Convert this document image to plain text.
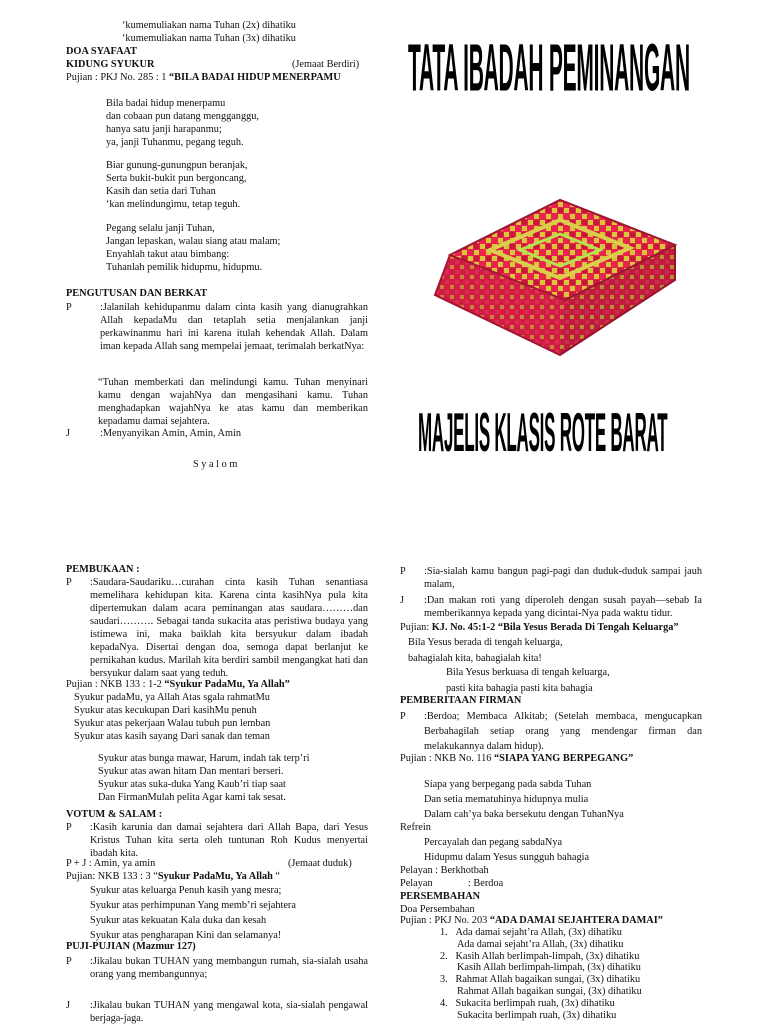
‘kumemuliakan nama Tuhan (2x) dihatiku
‘kumemuliakan nama Tuhan (3x) dihatiku
DOA SYAFAAT
KIDUNG SYUKUR	(Jemaat Berdiri)
Pujian : PKJ No. 285 : 1 “BILA BADAI HIDUP MENERPAMU
Bila badai hidup menerpamu
dan cobaan pun datang mengganggu,
hanya satu janji harapanmu;
ya, janji Tuhanmu, pegang teguh.
Biar gunung-gunungpun beranjak,
Serta bukit-bukit pun bergoncang,
Kasih dan setia dari Tuhan
‘kan melindungimu, tetap teguh.
Pegang selalu janji Tuhan,
Jangan lepaskan, walau siang atau malam;
Enyahlah takut atau bimbang:
Tuhanlah pemilik hidupmu, hidupmu.
PENGUTUSAN DAN BERKAT
P	:Jalanilah kehidupanmu dalam cinta kasih yang dianugrahkan Allah kepadaMu dan tetaplah setia menjalankan janji perkawinanmu hari ini karena itulah kehendak Allah. Dalam iman kepada Allah sang mempelai jemaat, terimalah berkatNya:
“Tuhan memberkati dan melindungi kamu. Tuhan menyinari kamu dengan wajahNya dan mengasihani kamu. Tuhan menghadapkan wajahNya ke atas kamu dan memberikan kepadamu damai sejahtera.
J	:Menyanyikan Amin, Amin, Amin
S y a l o m
TATA IBADAH PEMINANGAN
MAJELIS KLASIS ROTE BARAT
PEMBUKAAN :
P	:Saudara-Saudariku…curahan cinta kasih Tuhan senantiasa memelihara kehidupan kita. Karena cinta kasihNya pula kita dipertemukan dalam acara peminangan atas saudara………dan saudari………. Sebagai tanda sukacita atas peristiwa budaya yang istimewa ini, maka baiklah kita bersyukur dalam ibadah kepadaNya. Disertai dengan doa, semoga dapat berlanjut ke pernikahan kudus. Marilah kita berdiri sambil mengangkat hati dan bersyukur dalam saat yang teduh.
Pujian : NKB 133 : 1-2 “Syukur PadaMu, Ya Allah”
Syukur padaMu, ya Allah Atas sgala rahmatMu
Syukur atas kecukupan Dari kasihMu penuh
Syukur atas pekerjaan Walau tubuh pun lemban
Syukur atas kasih sayang Dari sanak dan teman
Syukur atas bunga mawar, Harum, indah tak terp’ri
Syukur atas awan hitam Dan mentari berseri.
Syukur atas suka-duka Yang Kaub’ri tiap saat
Dan FirmanMulah pelita Agar kami tak sesat.
VOTUM & SALAM :
P	:Kasih karunia dan damai sejahtera dari Allah Bapa, dari Yesus Kristus Tuhan kita serta oleh tuntunan Roh Kudus menyertai ibadah kita.
P + J : Amin, ya amin	(Jemaat duduk)
Pujian: NKB 133 : 3 “Syukur PadaMu, Ya Allah “
Syukur atas keluarga Penuh kasih yang mesra;
Syukur atas perhimpunan Yang memb’ri sejahtera
Syukur atas kekuatan Kala duka dan kesah
Syukur atas pengharapan Kini dan selamanya!
PUJI-PUJIAN (Mazmur 127)
P	:Jikalau bukan TUHAN yang membangun rumah, sia-sialah usaha orang yang membangunnya;
J	:Jikalau bukan TUHAN yang mengawal kota, sia-sialah pengawal berjaga-jaga.
P	:Sia-sialah kamu bangun pagi-pagi dan duduk-duduk sampai jauh malam,
J	:Dan makan roti yang diperoleh dengan susah payah—sebab Ia memberikannya kepada yang dicintai-Nya pada waktu tidur.
Pujian: KJ. No. 45:1-2 “Bila Yesus Berada Di Tengah Keluarga”
Bila Yesus berada di tengah keluarga,
bahagialah kita, bahagialah kita!
Bila Yesus berkuasa di tengah keluarga,
pasti kita bahagia pasti kita bahagia
PEMBERITAAN FIRMAN
P	:Berdoa; Membaca Alkitab; (Setelah membaca, mengucapkan Berbahagilah setiap orang yang mendengar firman dan melakukannya dalam hidup).
Pujian : NKB No. 116 “SIAPA YANG BERPEGANG”
Siapa yang berpegang pada sabda Tuhan
Dan setia mematuhinya hidupnya mulia
Dalam cah’ya baka bersekutu dengan TuhanNya
Refrein
Percayalah dan pegang sabdaNya
Hidupmu dalam Yesus sungguh bahagia
Pelayan : Berkhotbah
Pelayan	: Berdoa
PERSEMBAHAN
Doa Persembahan
Pujian : PKJ No. 203 “ADA DAMAI SEJAHTERA DAMAI”
1. Ada damai sejaht’ra Allah, (3x) dihatiku
Ada damai sejaht’ra Allah, (3x) dihatiku
2. Kasih Allah berlimpah-limpah, (3x) dihatiku
Kasih Allah berlimpah-limpah, (3x) dihatiku
3. Rahmat Allah bagaikan sungai, (3x) dihatiku
Rahmat Allah bagaikan sungai, (3x) dihatiku
4. Sukacita berlimpah ruah, (3x) dihatiku
Sukacita berlimpah ruah, (3x) dihatiku
